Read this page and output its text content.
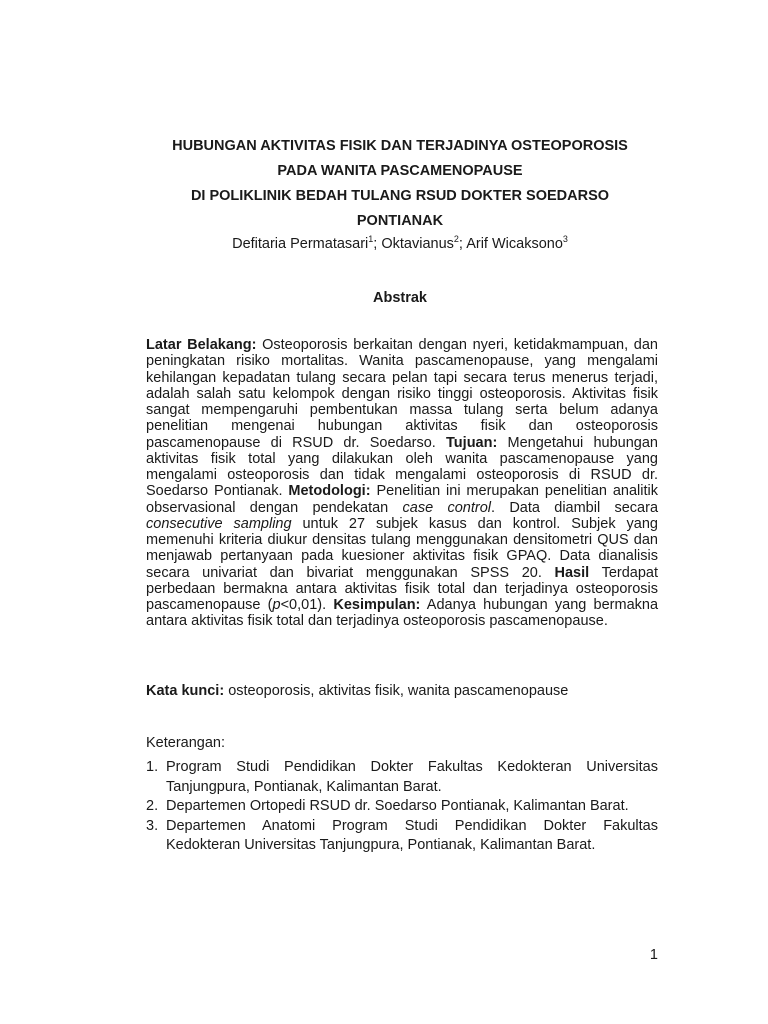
HUBUNGAN AKTIVITAS FISIK DAN TERJADINYA OSTEOPOROSIS
PADA WANITA PASCAMENOPAUSE
DI POLIKLINIK BEDAH TULANG RSUD DOKTER SOEDARSO
PONTIANAK
Defitaria Permatasari$^1$; Oktavianus$^2$; Arif Wicaksono$^3$
Abstrak
Latar Belakang: Osteoporosis berkaitan dengan nyeri, ketidakmampuan, dan peningkatan risiko mortalitas. Wanita pascamenopause, yang mengalami kehilangan kepadatan tulang secara pelan tapi secara terus menerus terjadi, adalah salah satu kelompok dengan risiko tinggi osteoporosis. Aktivitas fisik sangat mempengaruhi pembentukan massa tulang serta belum adanya penelitian mengenai hubungan aktivitas fisik dan osteoporosis pascamenopause di RSUD dr. Soedarso. Tujuan: Mengetahui hubungan aktivitas fisik total yang dilakukan oleh wanita pascamenopause yang mengalami osteoporosis dan tidak mengalami osteoporosis di RSUD dr. Soedarso Pontianak. Metodologi: Penelitian ini merupakan penelitian analitik observasional dengan pendekatan case control. Data diambil secara consecutive sampling untuk 27 subjek kasus dan kontrol. Subjek yang memenuhi kriteria diukur densitas tulang menggunakan densitometri QUS dan menjawab pertanyaan pada kuesioner aktivitas fisik GPAQ. Data dianalisis secara univariat dan bivariat menggunakan SPSS 20. Hasil Terdapat perbedaan bermakna antara aktivitas fisik total dan terjadinya osteoporosis pascamenopause (p<0,01). Kesimpulan: Adanya hubungan yang bermakna antara aktivitas fisik total dan terjadinya osteoporosis pascamenopause.
Kata kunci: osteoporosis, aktivitas fisik, wanita pascamenopause
Keterangan:
1. Program Studi Pendidikan Dokter Fakultas Kedokteran Universitas Tanjungpura, Pontianak, Kalimantan Barat.
2. Departemen Ortopedi RSUD dr. Soedarso Pontianak, Kalimantan Barat.
3. Departemen Anatomi Program Studi Pendidikan Dokter Fakultas Kedokteran Universitas Tanjungpura, Pontianak, Kalimantan Barat.
1
